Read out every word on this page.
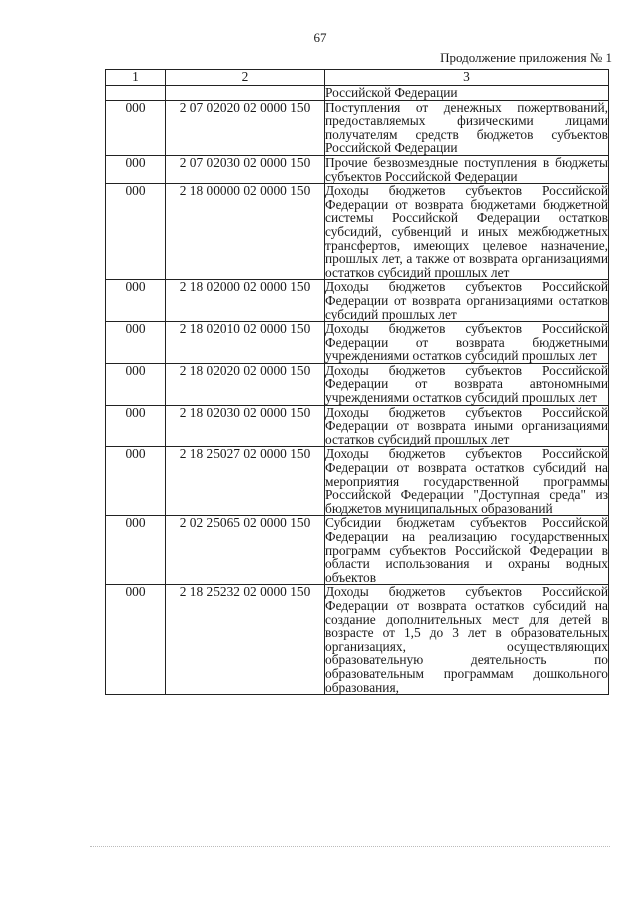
67
Продолжение приложения № 1
1	2	3
		Российской Федерации
000	2 07 02020 02 0000 150	Поступления от денежных пожертвований, предоставляемых физическими лицами получателям средств бюджетов субъектов Российской Федерации
000	2 07 02030 02 0000 150	Прочие безвозмездные поступления в бюджеты субъектов Российской Федерации
000	2 18 00000 02 0000 150	Доходы бюджетов субъектов Российской Федерации от возврата бюджетами бюджетной системы Российской Федерации остатков субсидий, субвенций и иных межбюджетных трансфертов, имеющих целевое назначение, прошлых лет, а также от возврата организациями остатков субсидий прошлых лет
000	2 18 02000 02 0000 150	Доходы бюджетов субъектов Российской Федерации от возврата организациями остатков субсидий прошлых лет
000	2 18 02010 02 0000 150	Доходы бюджетов субъектов Российской Федерации от возврата бюджетными учреждениями остатков субсидий прошлых лет
000	2 18 02020 02 0000 150	Доходы бюджетов субъектов Российской Федерации от возврата автономными учреждениями остатков субсидий прошлых лет
000	2 18 02030 02 0000 150	Доходы бюджетов субъектов Российской Федерации от возврата иными организациями остатков субсидий прошлых лет
000	2 18 25027 02 0000 150	Доходы бюджетов субъектов Российской Федерации от возврата остатков субсидий на мероприятия государственной программы Российской Федерации "Доступная среда" из бюджетов муниципальных образований
000	2 02 25065 02 0000 150	Субсидии бюджетам субъектов Российской Федерации на реализацию государственных программ субъектов Российской Федерации в области использования и охраны водных объектов
000	2 18 25232 02 0000 150	Доходы бюджетов субъектов Российской Федерации от возврата остатков субсидий на создание дополнительных мест для детей в возрасте от 1,5 до 3 лет в образовательных организациях, осуществляющих образовательную деятельность по образовательным программам дошкольного образования,
